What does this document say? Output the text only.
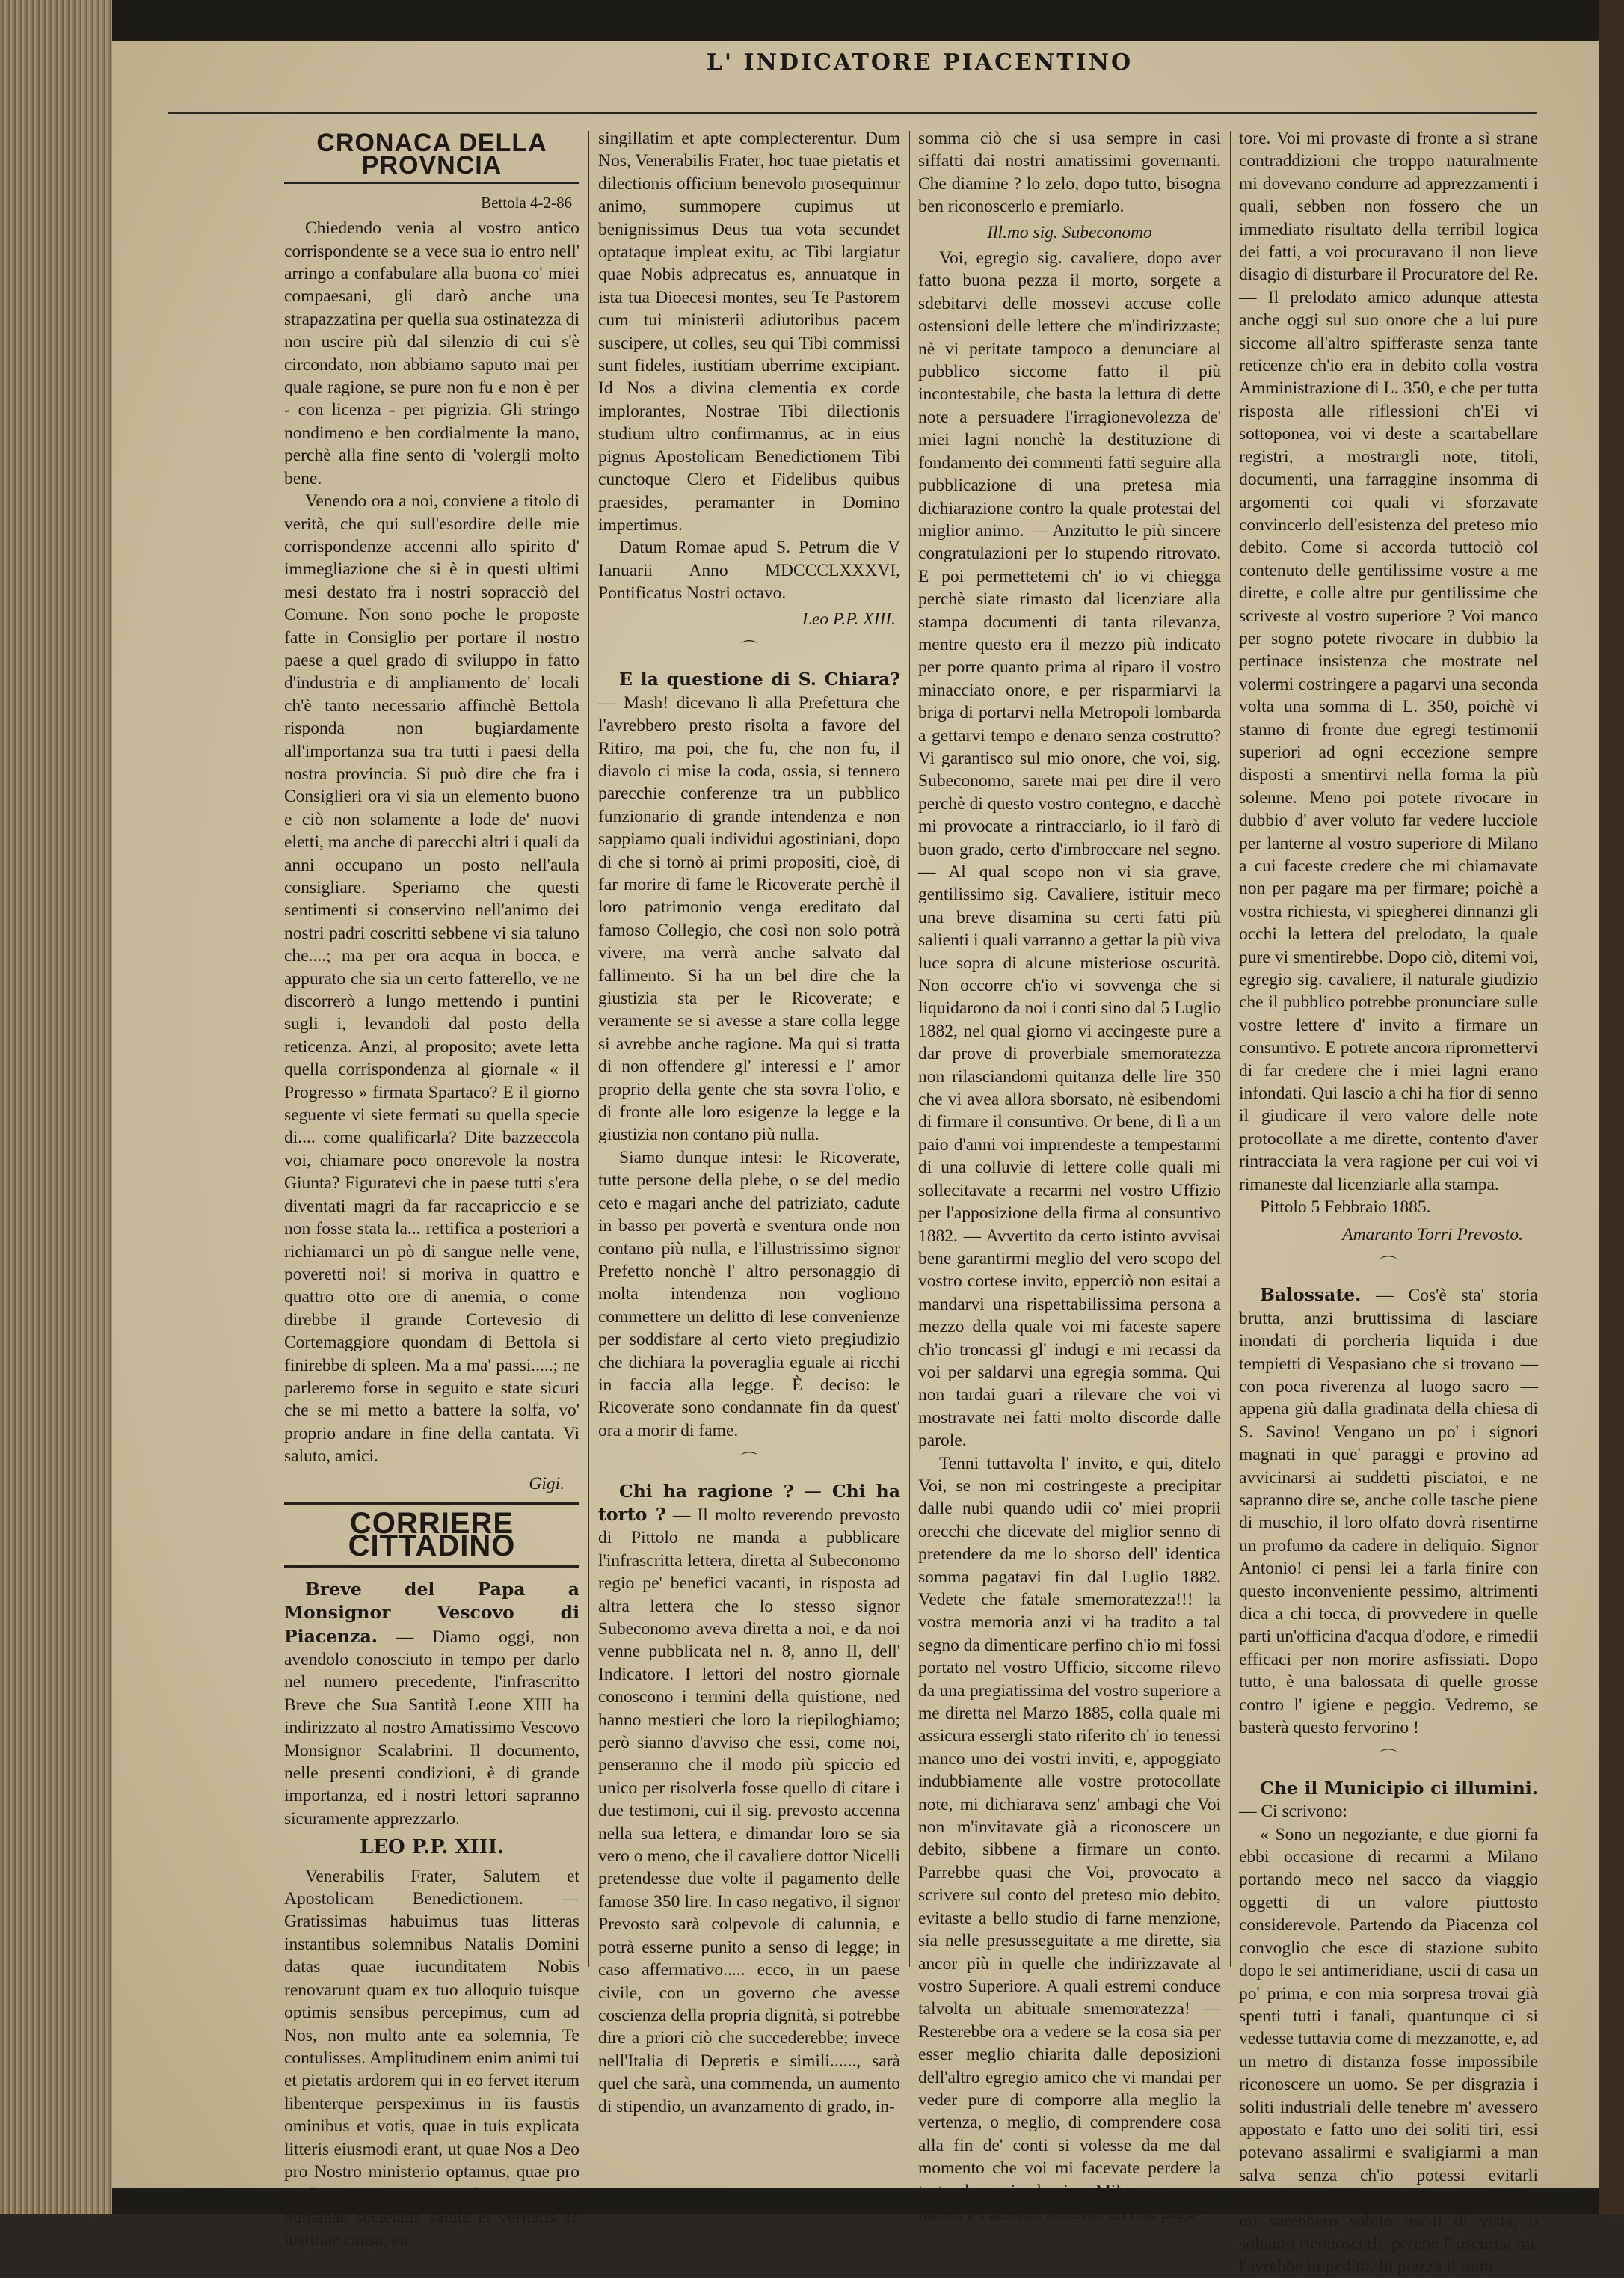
L' INDICATORE PIACENTINO
CRONACA DELLA PROVNCIA
Bettola 4-2-86

Chiedendo venia al vostro antico corrispondente se a vece sua io entro nell' arringo a confabulare alla buona co' miei compaesani, gli darò anche una strapazzatina per quella sua ostinatezza di non uscire più dal silenzio di cui s'è circondato, non abbiamo saputo mai per quale ragione, se pure non fu e non è per - con licenza - per pigrizia. Gli stringo nondimeno e ben cordialmente la mano, perchè alla fine sento di 'volergli molto bene.

Venendo ora a noi, conviene a titolo di verità, che qui sull'esordire delle mie corrispondenze accenni allo spirito d' immegliazione che si è in questi ultimi mesi destato fra i nostri sopracciò del Comune. Non sono poche le proposte fatte in Consiglio per portare il nostro paese a quel grado di sviluppo in fatto d'industria e di ampliamento de' locali ch'è tanto necessario affinchè Bettola risponda non bugiardamente all'importanza sua tra tutti i paesi della nostra provincia. Si può dire che fra i Consiglieri ora vi sia un elemento buono e ciò non solamente a lode de' nuovi eletti, ma anche di parecchi altri i quali da anni occupano un posto nell'aula consigliare. Speriamo che questi sentimenti si conservino nell'animo dei nostri padri coscritti sebbene vi sia taluno che....; ma per ora acqua in bocca, e appurato che sia un certo fatterello, ve ne discorrerò a lungo mettendo i puntini sugli i, levandoli dal posto della reticenza. Anzi, al proposito; avete letta quella corrispondenza al giornale « il Progresso » firmata Spartaco? E il giorno seguente vi siete fermati su quella specie di.... come qualificarla? Dite bazzeccola voi, chiamare poco onorevole la nostra Giunta? Figuratevi che in paese tutti s'era diventati magri da far raccapriccio e se non fosse stata la... rettifica a posteriori a richiamarci un pò di sangue nelle vene, poveretti noi! si moriva in quattro e quattro otto ore di anemia, o come direbbe il grande Cortevesio di Cortemaggiore quondam di Bettola si finirebbe di spleen. Ma a ma' passi.....; ne parleremo forse in seguito e state sicuri che se mi metto a battere la solfa, vo' proprio andare in fine della cantata. Vi saluto, amici.

Gigi.
CORRIERE CITTADINO

Breve del Papa a Monsignor Vescovo di Piacenza. — Diamo oggi, non avendolo conosciuto in tempo per darlo nel numero precedente, l'infrascritto Breve che Sua Santità Leone XIII ha indirizzato al nostro Amatissimo Vescovo Monsignor Scalabrini. Il documento, nelle presenti condizioni, è di grande importanza, ed i nostri lettori sapranno sicuramente apprezzarlo.

LEO P.P. XIII.

Venerabilis Frater, Salutem et Apostolicam Benedictionem. — Gratissimas habuimus tuas litteras instantibus solemnibus Natalis Domini datas quae iucunditatem Nobis renovarunt quam ex tuo alloquio tuisque optimis sensibus percepimus, cum ad Nos, non multo ante ea solemnia, Te contulisses. Amplitudinem enim animi tui et pietatis ardorem qui in eo fervet iterum libenterque perspeximus in iis faustis ominibus et votis, quae in tuis explicata litteris eiusmodi erant, ut quae Nos a Deo pro Nostro ministerio optamus, quae pro Ecclesiae prosperitate et gloria, quae pro humanae societatis salute et veritatis ac iustitiae causa, ea

singillatim et apte complecterentur. Dum Nos, Venerabilis Frater, hoc tuae pietatis et dilectionis officium benevolo prosequimur animo, summopere cupimus ut benignissimus Deus tua vota secundet optataque impleat exitu, ac Tibi largiatur quae Nobis adprecatus es, annuatque in ista tua Dioecesi montes, seu Te Pastorem cum tui ministerii adiutoribus pacem suscipere, ut colles, seu qui Tibi commissi sunt fideles, iustitiam uberrime excipiant. Id Nos a divina clementia ex corde implorantes, Nostrae Tibi dilectionis studium ultro confirmamus, ac in eius pignus Apostolicam Benedictionem Tibi cunctoque Clero et Fidelibus quibus praesides, peramanter in Domino impertimus.

Datum Romae apud S. Petrum die V Ianuarii Anno MDCCCLXXXVI, Pontificatus Nostri octavo.

Leo P.P. XIII.
⌒

E la questione di S. Chiara? — Mash! dicevano lì alla Prefettura che l'avrebbero presto risolta a favore del Ritiro, ma poi, che fu, che non fu, il diavolo ci mise la coda, ossia, si tennero parecchie conferenze tra un pubblico funzionario di grande intendenza e non sappiamo quali individui agostiniani, dopo di che si tornò ai primi propositi, cioè, di far morire di fame le Ricoverate perchè il loro patrimonio venga ereditato dal famoso Collegio, che così non solo potrà vivere, ma verrà anche salvato dal fallimento. Si ha un bel dire che la giustizia sta per le Ricoverate; e veramente se si avesse a stare colla legge si avrebbe anche ragione. Ma qui si tratta di non offendere gl' interessi e l' amor proprio della gente che sta sovra l'olio, e di fronte alle loro esigenze la legge e la giustizia non contano più nulla.

Siamo dunque intesi: le Ricoverate, tutte persone della plebe, o se del medio ceto e magari anche del patriziato, cadute in basso per povertà e sventura onde non contano più nulla, e l'illustrissimo signor Prefetto nonchè l' altro personaggio di molta intendenza non vogliono commettere un delitto di lese convenienze per soddisfare al certo vieto pregiudizio che dichiara la poveraglia eguale ai ricchi in faccia alla legge. È deciso: le Ricoverate sono condannate fin da quest' ora a morir di fame.

⌒

Chi ha ragione ? — Chi ha torto ? — Il molto reverendo prevosto di Pittolo ne manda a pubblicare l'infrascritta lettera, diretta al Subeconomo regio pe' benefici vacanti, in risposta ad altra lettera che lo stesso signor Subeconomo aveva diretta a noi, e da noi venne pubblicata nel n. 8, anno II, dell' Indicatore. I lettori del nostro giornale conoscono i termini della quistione, ned hanno mestieri che loro la riepiloghiamo; però sianno d'avviso che essi, come noi, penseranno che il modo più spiccio ed unico per risolverla fosse quello di citare i due testimoni, cui il sig. prevosto accenna nella sua lettera, e dimandar loro se sia vero o meno, che il cavaliere dottor Nicelli pretendesse due volte il pagamento delle famose 350 lire. In caso negativo, il signor Prevosto sarà colpevole di calunnia, e potrà esserne punito a senso di legge; in caso affermativo..... ecco, in un paese civile, con un governo che avesse coscienza della propria dignità, si potrebbe dire a priori ciò che succederebbe; invece nell'Italia di Depretis e simili......, sarà quel che sarà, una commenda, un aumento di stipendio, un avanzamento di grado, in-

somma ciò che si usa sempre in casi siffatti dai nostri amatissimi governanti. Che diamine ? lo zelo, dopo tutto, bisogna ben riconoscerlo e premiarlo.

Ill.mo sig. Subeconomo

Voi, egregio sig. cavaliere, dopo aver fatto buona pezza il morto, sorgete a sdebitarvi delle mossevi accuse colle ostensioni delle lettere che m'indirizzaste; nè vi peritate tampoco a denunciare al pubblico siccome fatto il più incontestabile, che basta la lettura di dette note a persuadere l'irragionevolezza de' miei lagni nonchè la destituzione di fondamento dei commenti fatti seguire alla pubblicazione di una pretesa mia dichiarazione contro la quale protestai del miglior animo. — Anzitutto le più sincere congratulazioni per lo stupendo ritrovato. E poi permettetemi ch' io vi chiegga perchè siate rimasto dal licenziare alla stampa documenti di tanta rilevanza, mentre questo era il mezzo più indicato per porre quanto prima al riparo il vostro minacciato onore, e per risparmiarvi la briga di portarvi nella Metropoli lombarda a gettarvi tempo e denaro senza costrutto? Vi garantisco sul mio onore, che voi, sig. Subeconomo, sarete mai per dire il vero perchè di questo vostro contegno, e dacchè mi provocate a rintracciarlo, io il farò di buon grado, certo d'imbroccare nel segno. — Al qual scopo non vi sia grave, gentilissimo sig. Cavaliere, istituir meco una breve disamina su certi fatti più salienti i quali varranno a gettar la più viva luce sopra di alcune misteriose oscurità. Non occorre ch'io vi sovvenga che si liquidarono da noi i conti sino dal 5 Luglio 1882, nel qual giorno vi accingeste pure a dar prove di proverbiale smemoratezza non rilasciandomi quitanza delle lire 350 che vi avea allora sborsato, nè esibendomi di firmare il consuntivo. Or bene, di lì a un paio d'anni voi imprendeste a tempestarmi di una colluvie di lettere colle quali mi sollecitavate a recarmi nel vostro Uffizio per l'apposizione della firma al consuntivo 1882. — Avvertito da certo istinto avvisai bene garantirmi meglio del vero scopo del vostro cortese invito, epperciò non esitai a mandarvi una rispettabilissima persona a mezzo della quale voi mi faceste sapere ch'io troncassi gl' indugi e mi recassi da voi per saldarvi una egregia somma. Qui non tardai guari a rilevare che voi vi mostravate nei fatti molto discorde dalle parole.

Tenni tuttavolta l' invito, e qui, ditelo Voi, se non mi costringeste a precipitar dalle nubi quando udii co' miei proprii orecchi che dicevate del miglior senno di pretendere da me lo sborso dell' identica somma pagatavi fin dal Luglio 1882. Vedete che fatale smemoratezza!!! la vostra memoria anzi vi ha tradito a tal segno da dimenticare perfino ch'io mi fossi portato nel vostro Ufficio, siccome rilevo da una pregiatissima del vostro superiore a me diretta nel Marzo 1885, colla quale mi assicura essergli stato riferito ch' io tenessi manco uno dei vostri inviti, e, appoggiato indubbiamente alle vostre protocollate note, mi dichiarava senz' ambagi che Voi non m'invitavate già a riconoscere un debito, sibbene a firmare un conto. Parrebbe quasi che Voi, provocato a scrivere sul conto del preteso mio debito, evitaste a bello studio di farne menzione, sia nelle presusseguitate a me dirette, sia ancor più in quelle che indirizzavate al vostro Superiore. A quali estremi conduce talvolta un abituale smemoratezza! — Resterebbe ora a vedere se la cosa sia per esser meglio chiarita dalle deposizioni dell'altro egregio amico che vi mandai per veder pure di comporre alla meglio la vertenza, o meglio, di comprendere cosa alla fin de' conti si volesse da me dal momento che voi mi facevate perdere la testa denunciandomi a Milano come un matto, a Piacenza siccome un mal paga-

tore. Voi mi provaste di fronte a sì strane contraddizioni che troppo naturalmente mi dovevano condurre ad apprezzamenti i quali, sebben non fossero che un immediato risultato della terribil logica dei fatti, a voi procuravano il non lieve disagio di disturbare il Procuratore del Re. — Il prelodato amico adunque attesta anche oggi sul suo onore che a lui pure siccome all'altro spifferaste senza tante reticenze ch'io era in debito colla vostra Amministrazione di L. 350, e che per tutta risposta alle riflessioni ch'Ei vi sottoponea, voi vi deste a scartabellare registri, a mostrargli note, titoli, documenti, una farraggine insomma di argomenti coi quali vi sforzavate convincerlo dell'esistenza del preteso mio debito. Come si accorda tuttociò col contenuto delle gentilissime vostre a me dirette, e colle altre pur gentilissime che scriveste al vostro superiore ? Voi manco per sogno potete rivocare in dubbio la pertinace insistenza che mostrate nel volermi costringere a pagarvi una seconda volta una somma di L. 350, poichè vi stanno di fronte due egregi testimonii superiori ad ogni eccezione sempre disposti a smentirvi nella forma la più solenne. Meno poi potete rivocare in dubbio d' aver voluto far vedere lucciole per lanterne al vostro superiore di Milano a cui faceste credere che mi chiamavate non per pagare ma per firmare; poichè a vostra richiesta, vi spiegherei dinnanzi gli occhi la lettera del prelodato, la quale pure vi smentirebbe. Dopo ciò, ditemi voi, egregio sig. cavaliere, il naturale giudizio che il pubblico potrebbe pronunciare sulle vostre lettere d' invito a firmare un consuntivo. E potrete ancora ripromettervi di far credere che i miei lagni erano infondati. Qui lascio a chi ha fior di senno il giudicare il vero valore delle note protocollate a me dirette, contento d'aver rintracciata la vera ragione per cui voi vi rimaneste dal licenziarle alla stampa.

Pittolo 5 Febbraio 1885.

Amaranto Torri Prevosto.
⌒

Balossate. — Cos'è sta' storia brutta, anzi bruttissima di lasciare inondati di porcheria liquida i due tempietti di Vespasiano che si trovano — con poca riverenza al luogo sacro — appena giù dalla gradinata della chiesa di S. Savino! Vengano un po' i signori magnati in que' paraggi e provino ad avvicinarsi ai suddetti pisciatoi, e ne sapranno dire se, anche colle tasche piene di muschio, il loro olfato dovrà risentirne un profumo da cadere in deliquio. Signor Antonio! ci pensi lei a farla finire con questo inconveniente pessimo, altrimenti dica a chi tocca, di provvedere in quelle parti un'officina d'acqua d'odore, e rimedii efficaci per non morire asfissiati. Dopo tutto, è una balossata di quelle grosse contro l' igiene e peggio. Vedremo, se basterà questo fervorino !

⌒

Che il Municipio ci illumini. — Ci scrivono:

« Sono un negoziante, e due giorni fa ebbi occasione di recarmi a Milano portando meco nel sacco da viaggio oggetti di un valore piuttosto considerevole. Partendo da Piacenza col convoglio che esce di stazione subito dopo le sei antimeridiane, uscii di casa un po' prima, e con mia sorpresa trovai già spenti tutti i fanali, quantunque ci si vedesse tuttavia come di mezzanotte, e, ad un metro di distanza fosse impossibile riconoscere un uomo. Se per disgrazia i soliti industriali delle tenebre m' avessero appostato e fatto uno dei soliti tiri, essi potevano assalirmi e svaligiarmi a man salva senza ch'io potessi evitarli scorgendoli da lungi, od inseguirli perchè mi sarebbero subito usciti di vista, o soltanto riconoscerli, perchè l' oscurità me l'avrebbe impedito. In piazza il tram
